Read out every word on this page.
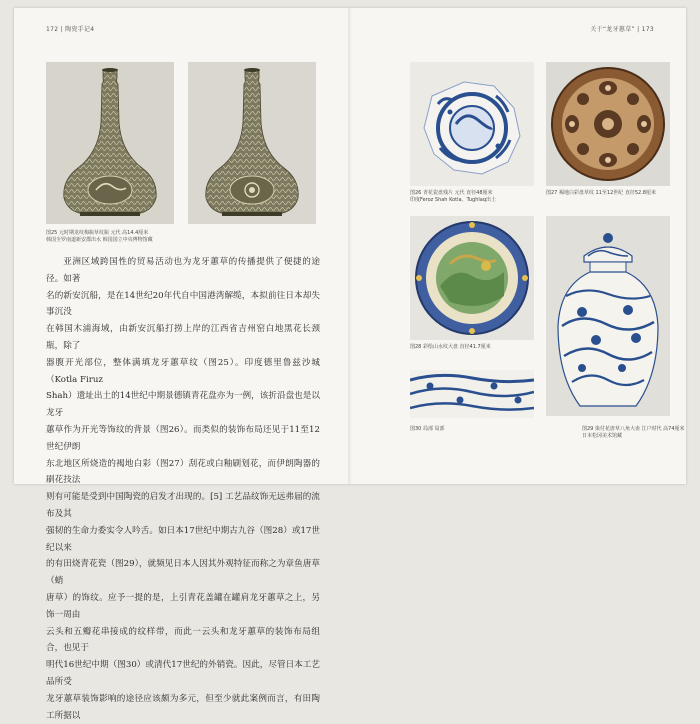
172 | 陶瓷手记4
图25 元时期龙纹梅瓶草纹瓶 元代 高14.4厘米
韩国全罗南道新安郡出水 韩国国立中央博物馆藏

亚洲区域跨国性的贸易活动也为龙牙蕙草的传播提供了便捷的途径。如著

名的新安沉船，是在14世纪20年代自中国港湾解缆，本拟前往日本却失事沉没

在韩国木浦海域，由新安沉船打捞上岸的江西省吉州窑白地黑花长颈瓶，除了

器腹开光部位，整体满填龙牙蕙草纹（图25）。印度德里鲁兹沙城（Kotla Firuz

Shah）遗址出土的14世纪中期景德镇青花盘亦为一例，该折沿盘也是以龙牙

蕙草作为开光等饰纹的背景（图26）。而类似的装饰布局还见于11至12世纪伊朗

东北地区所烧造的褐地白彩（图27）刮花或白釉刷划花，而伊朗陶器的刷花技法

则有可能是受到中国陶瓷的启发才出现的。[5] 工艺品纹饰无远弗届的流布及其

强韧的生命力委实令人吟舌。如日本17世纪中期古九谷（图28）或17世纪以来

的有田烧青花瓷（图29），就频见日本人因其外观特征而称之为章鱼唐草（蛸

唐草）的饰纹。应予一提的是，上引青花盖罐在罐肩龙牙蕙草之上，另饰一周由

云头和五瓣花串接成的纹样带，而此一云头和龙牙蕙草的装饰布局组合，也见于

明代16世纪中期（图30）或清代17世纪的外销瓷。因此，尽管日本工艺品所受

龙牙蕙草装饰影响的途径应该颇为多元，但至少就此案例而言，有田陶工所据以

关于“龙牙蕙草” | 173
图26 青花瓷盘残片 元代 直径48厘米
印度Feroz Shah Kotla、Tughlaq出土
图27 褐地白彩盘草纹 11至12世纪 直径52.8厘米
图28 彩绘山水纹大盘 直径41.7厘米
图29 染付花唐草八角大壶 江户时代 高74厘米
日本松冈美术馆藏
图30 局部 局部
